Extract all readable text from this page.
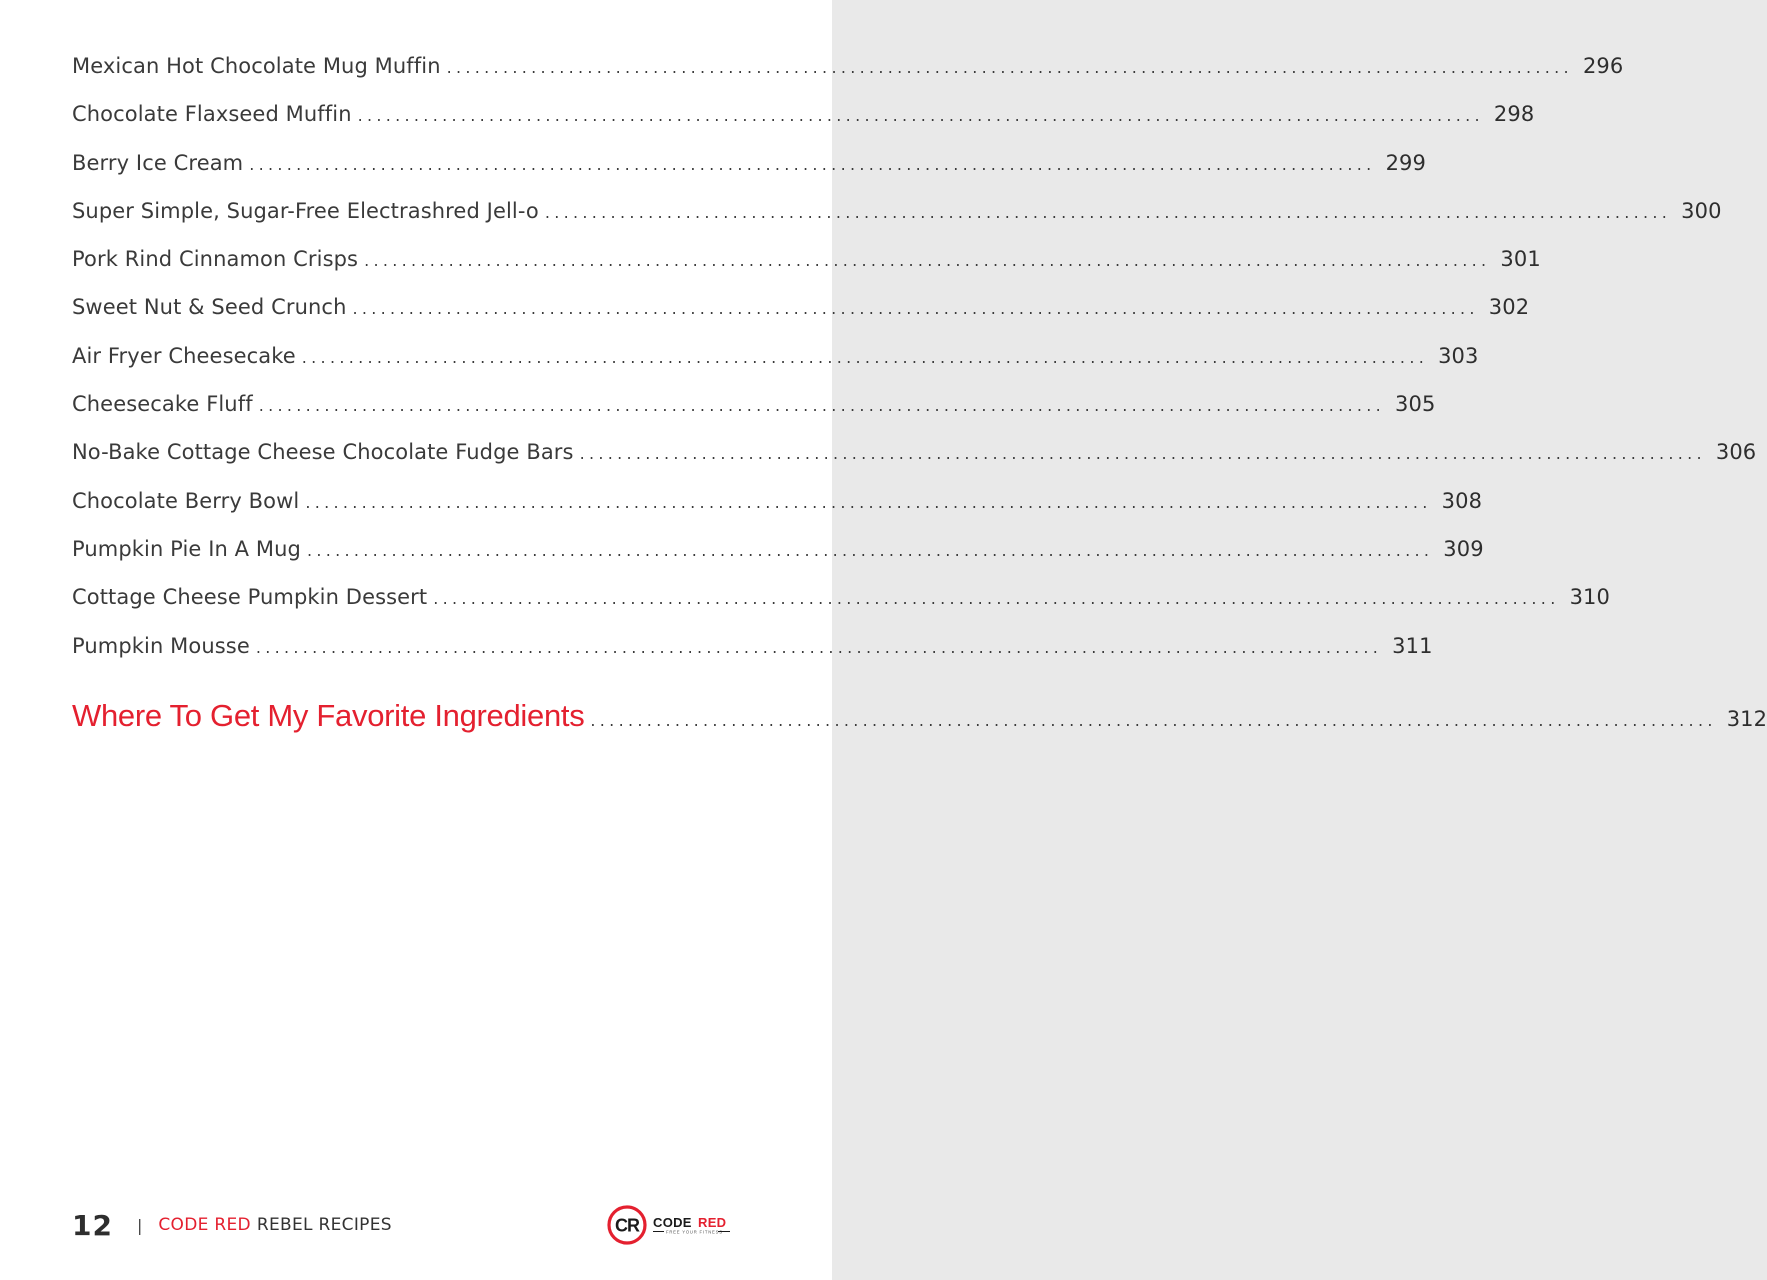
Mexican Hot Chocolate Mug Muffin ........................................................................................................................ 296
Chocolate Flaxseed Muffin ........................................................................................................................ 298
Berry Ice Cream ........................................................................................................................ 299
Super Simple, Sugar-Free Electrashred Jell-o ........................................................................................................................ 300
Pork Rind Cinnamon Crisps ........................................................................................................................ 301
Sweet Nut & Seed Crunch ........................................................................................................................ 302
Air Fryer Cheesecake ........................................................................................................................ 303
Cheesecake Fluff ........................................................................................................................ 305
No-Bake Cottage Cheese Chocolate Fudge Bars ........................................................................................................................ 306
Chocolate Berry Bowl ........................................................................................................................ 308
Pumpkin Pie In A Mug ........................................................................................................................ 309
Cottage Cheese Pumpkin Dessert ........................................................................................................................ 310
Pumpkin Mousse ........................................................................................................................ 311
Where To Get My Favorite Ingredients ........................................................................................................................ 312
12 | CODE RED REBEL RECIPES	CR CODE RED
FREE YOUR FITNESS
